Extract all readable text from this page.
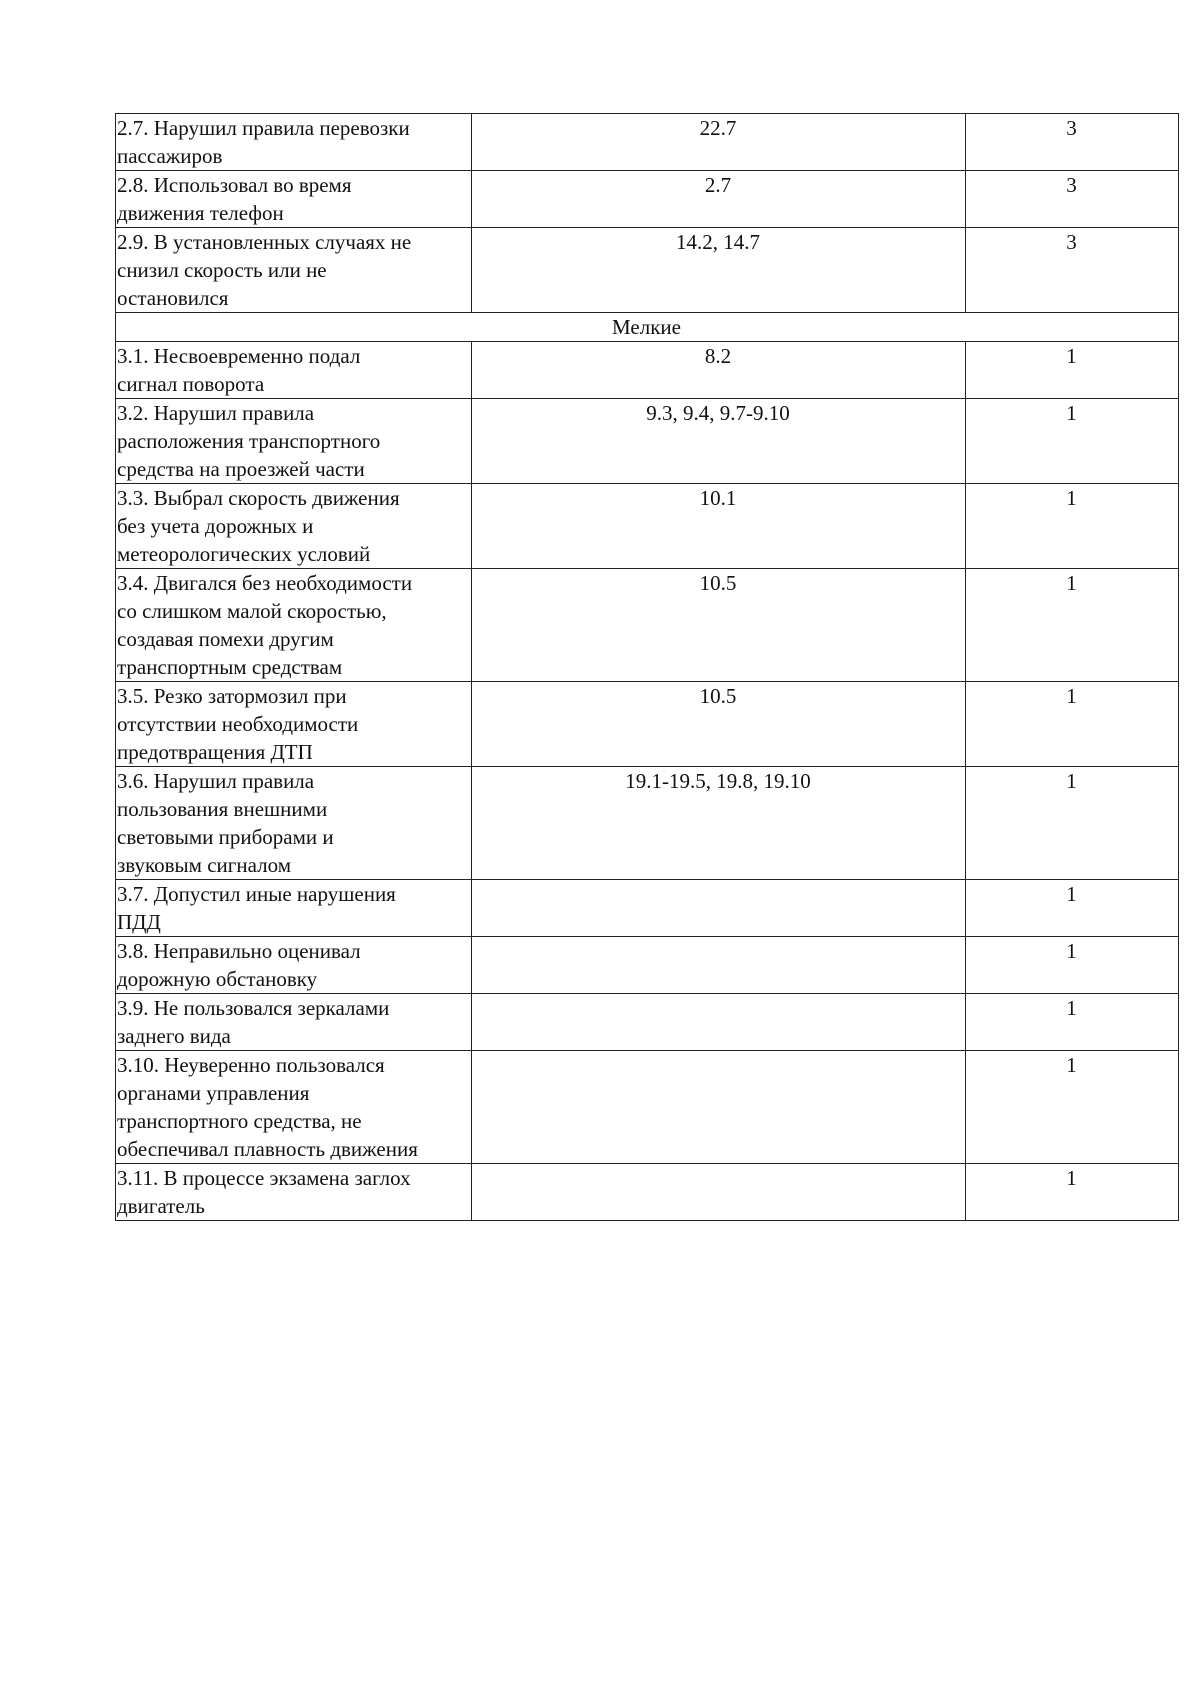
2.7. Нарушил правила перевозки
пассажиров	22.7	3
2.8. Использовал во время
движения телефон	2.7	3
2.9. В установленных случаях не
снизил скорость или не
остановился	14.2, 14.7	3
Мелкие		
3.1. Несвоевременно подал
сигнал поворота	8.2	1
3.2. Нарушил правила
расположения транспортного
средства на проезжей части	9.3, 9.4, 9.7-9.10	1
3.3. Выбрал скорость движения
без учета дорожных и
метеорологических условий	10.1	1
3.4. Двигался без необходимости
со слишком малой скоростью,
создавая помехи другим
транспортным средствам	10.5	1
3.5. Резко затормозил при
отсутствии необходимости
предотвращения ДТП	10.5	1
3.6. Нарушил правила
пользования внешними
световыми приборами и
звуковым сигналом	19.1-19.5, 19.8, 19.10	1
3.7. Допустил иные нарушения
ПДД		1
3.8. Неправильно оценивал
дорожную обстановку		1
3.9. Не пользовался зеркалами
заднего вида		1
3.10. Неуверенно пользовался
органами управления
транспортного средства, не
обеспечивал плавность движения		1
3.11. В процессе экзамена заглох
двигатель		1
